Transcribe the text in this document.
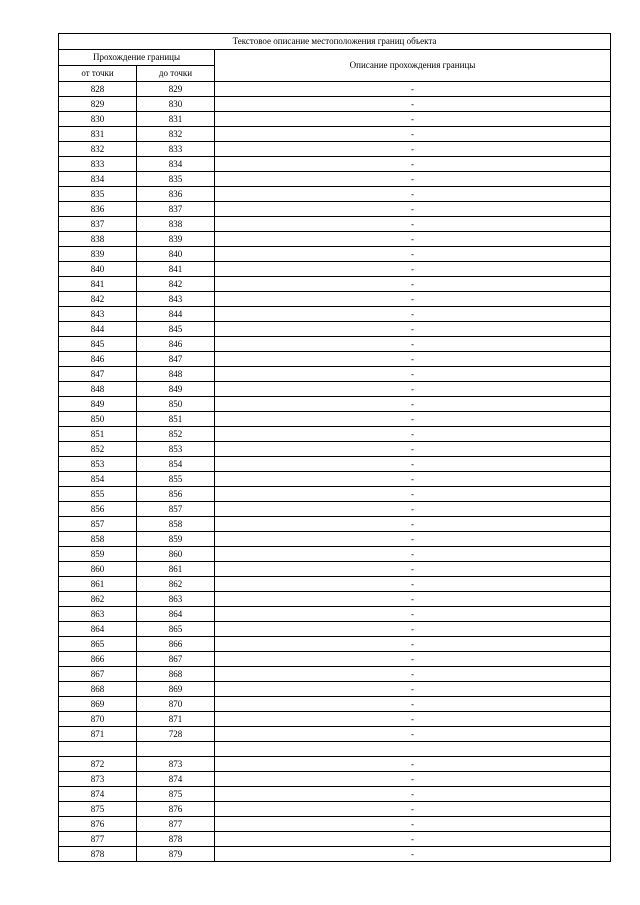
Текстовое описание местоположения границ объекта		
Прохождение границы		Описание прохождения границы
от точки	до точки	
828	829	-
829	830	-
830	831	-
831	832	-
832	833	-
833	834	-
834	835	-
835	836	-
836	837	-
837	838	-
838	839	-
839	840	-
840	841	-
841	842	-
842	843	-
843	844	-
844	845	-
845	846	-
846	847	-
847	848	-
848	849	-
849	850	-
850	851	-
851	852	-
852	853	-
853	854	-
854	855	-
855	856	-
856	857	-
857	858	-
858	859	-
859	860	-
860	861	-
861	862	-
862	863	-
863	864	-
864	865	-
865	866	-
866	867	-
867	868	-
868	869	-
869	870	-
870	871	-
871	728	-

872	873	-
873	874	-
874	875	-
875	876	-
876	877	-
877	878	-
878	879	-
